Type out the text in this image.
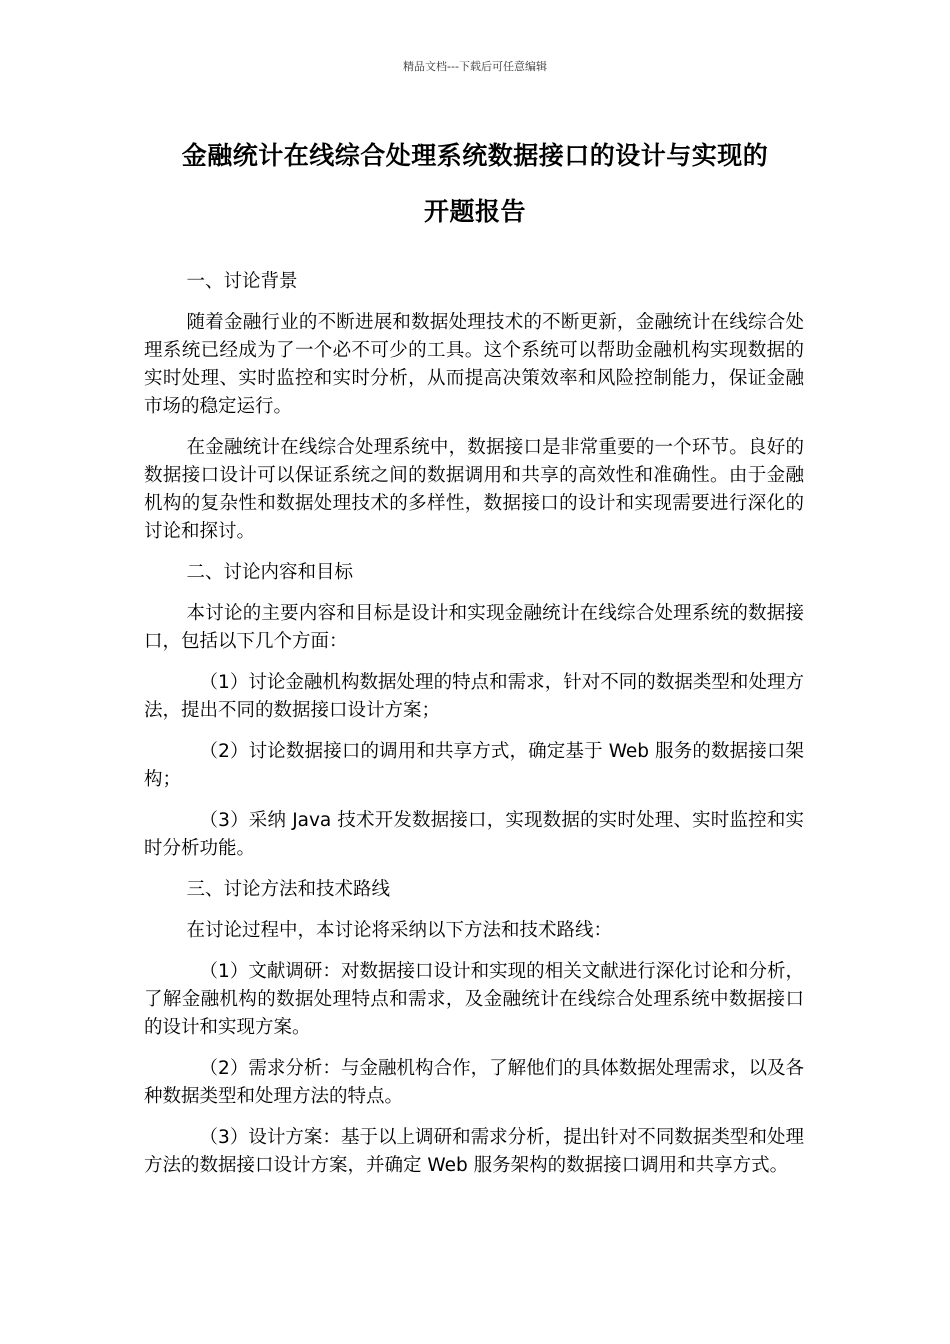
精品文档---下载后可任意编辑
金融统计在线综合处理系统数据接口的设计与实现的
开题报告

一、讨论背景

随着金融行业的不断进展和数据处理技术的不断更新，金融统计在线综合处理系统已经成为了一个必不可少的工具。这个系统可以帮助金融机构实现数据的实时处理、实时监控和实时分析，从而提高决策效率和风险控制能力，保证金融市场的稳定运行。

在金融统计在线综合处理系统中，数据接口是非常重要的一个环节。良好的数据接口设计可以保证系统之间的数据调用和共享的高效性和准确性。由于金融机构的复杂性和数据处理技术的多样性，数据接口的设计和实现需要进行深化的讨论和探讨。

二、讨论内容和目标

本讨论的主要内容和目标是设计和实现金融统计在线综合处理系统的数据接口，包括以下几个方面：

（1）讨论金融机构数据处理的特点和需求，针对不同的数据类型和处理方法，提出不同的数据接口设计方案；

（2）讨论数据接口的调用和共享方式，确定基于 Web 服务的数据接口架构；

（3）采纳 Java 技术开发数据接口，实现数据的实时处理、实时监控和实时分析功能。

三、讨论方法和技术路线

在讨论过程中，本讨论将采纳以下方法和技术路线：

（1）文献调研：对数据接口设计和实现的相关文献进行深化讨论和分析，了解金融机构的数据处理特点和需求，及金融统计在线综合处理系统中数据接口的设计和实现方案。

（2）需求分析：与金融机构合作，了解他们的具体数据处理需求，以及各种数据类型和处理方法的特点。

（3）设计方案：基于以上调研和需求分析，提出针对不同数据类型和处理方法的数据接口设计方案，并确定 Web 服务架构的数据接口调用和共享方式。
